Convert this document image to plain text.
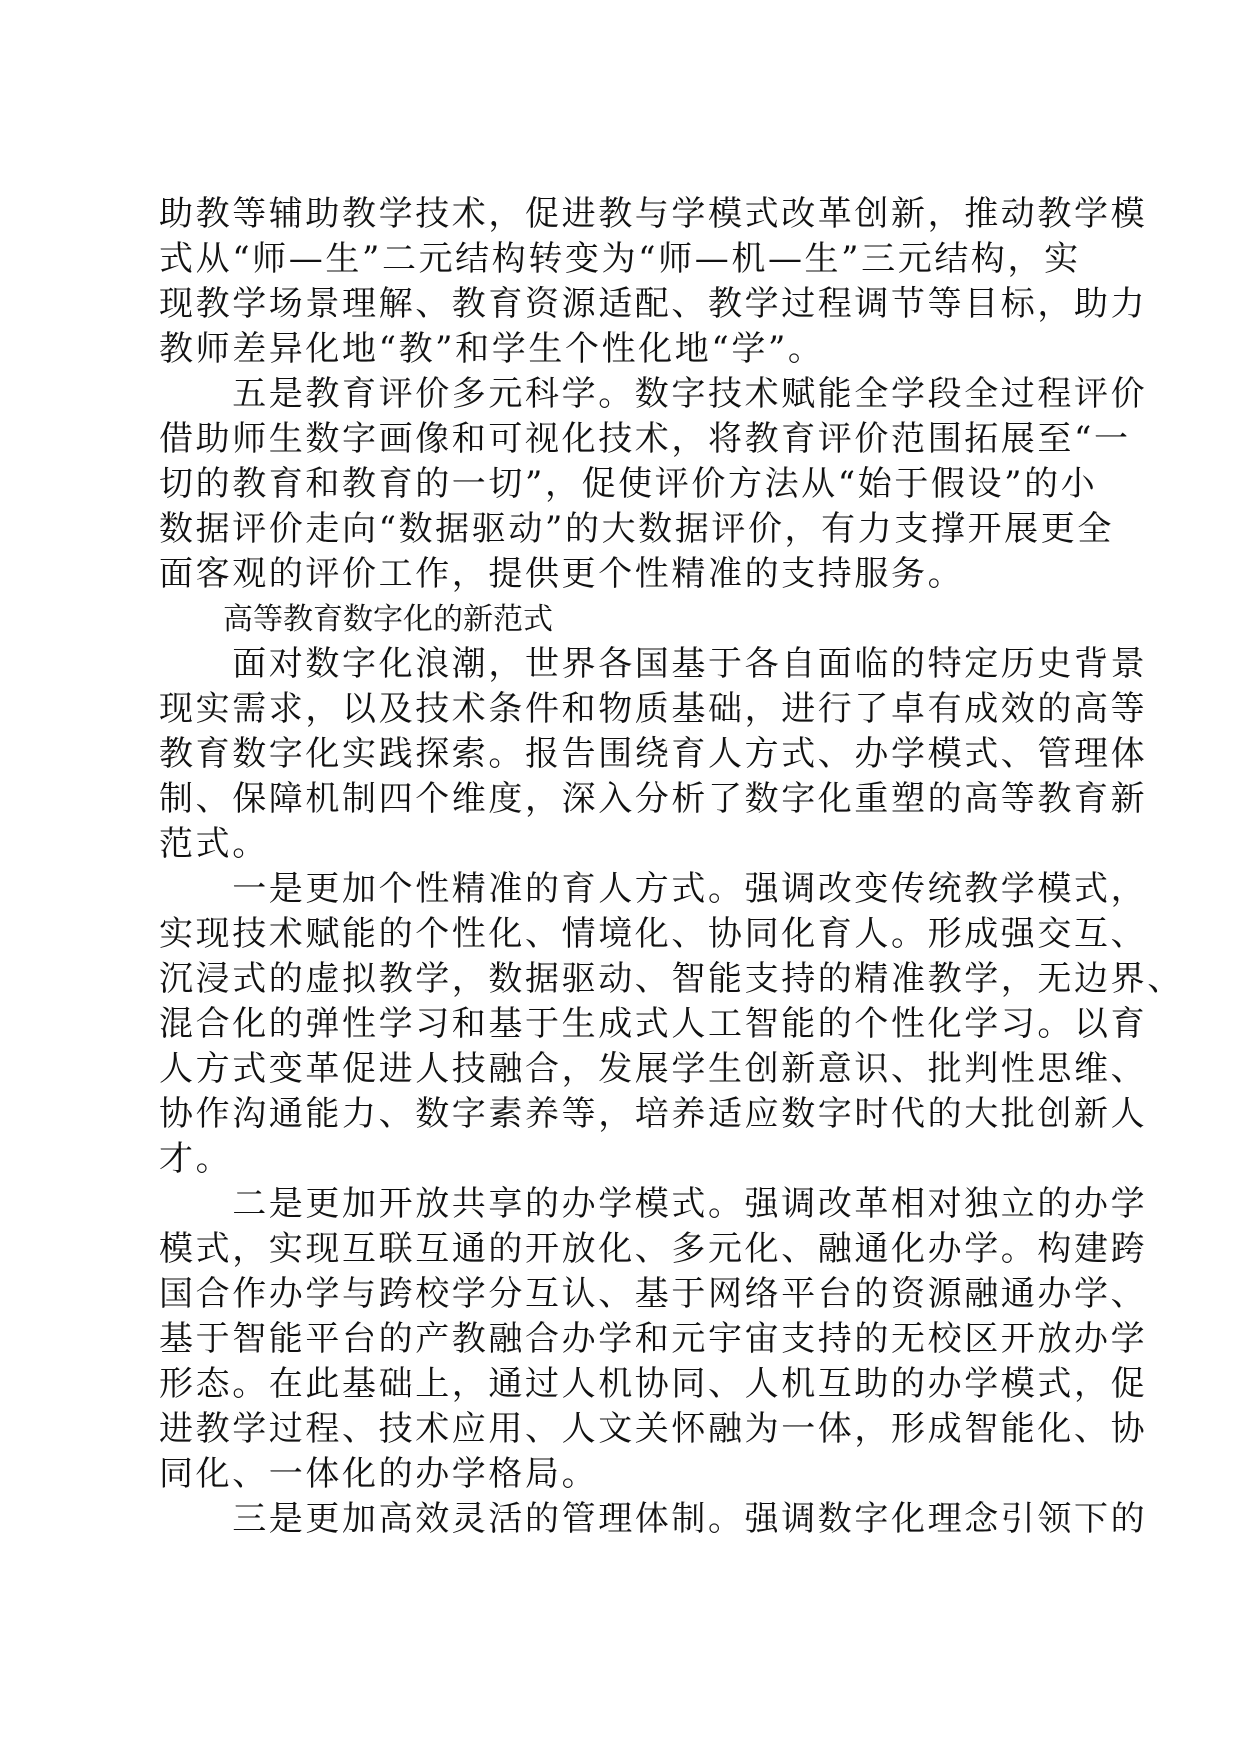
助教等辅助教学技术，促进教与学模式改革创新，推动教学模
式从“师—生”二元结构转变为“师—机—生”三元结构，实
现教学场景理解、教育资源适配、教学过程调节等目标，助力
教师差异化地“教”和学生个性化地“学”。
　　五是教育评价多元科学。数字技术赋能全学段全过程评价
借助师生数字画像和可视化技术，将教育评价范围拓展至“一
切的教育和教育的一切”，促使评价方法从“始于假设”的小
数据评价走向“数据驱动”的大数据评价，有力支撑开展更全
面客观的评价工作，提供更个性精准的支持服务。
高等教育数字化的新范式
　　面对数字化浪潮，世界各国基于各自面临的特定历史背景
现实需求，以及技术条件和物质基础，进行了卓有成效的高等
教育数字化实践探索。报告围绕育人方式、办学模式、管理体
制、保障机制四个维度，深入分析了数字化重塑的高等教育新
范式。
　　一是更加个性精准的育人方式。强调改变传统教学模式，
实现技术赋能的个性化、情境化、协同化育人。形成强交互、
沉浸式的虚拟教学，数据驱动、智能支持的精准教学，无边界、
混合化的弹性学习和基于生成式人工智能的个性化学习。以育
人方式变革促进人技融合，发展学生创新意识、批判性思维、
协作沟通能力、数字素养等，培养适应数字时代的大批创新人
才。
　　二是更加开放共享的办学模式。强调改革相对独立的办学
模式，实现互联互通的开放化、多元化、融通化办学。构建跨
国合作办学与跨校学分互认、基于网络平台的资源融通办学、
基于智能平台的产教融合办学和元宇宙支持的无校区开放办学
形态。在此基础上，通过人机协同、人机互助的办学模式，促
进教学过程、技术应用、人文关怀融为一体，形成智能化、协
同化、一体化的办学格局。
　　三是更加高效灵活的管理体制。强调数字化理念引领下的
